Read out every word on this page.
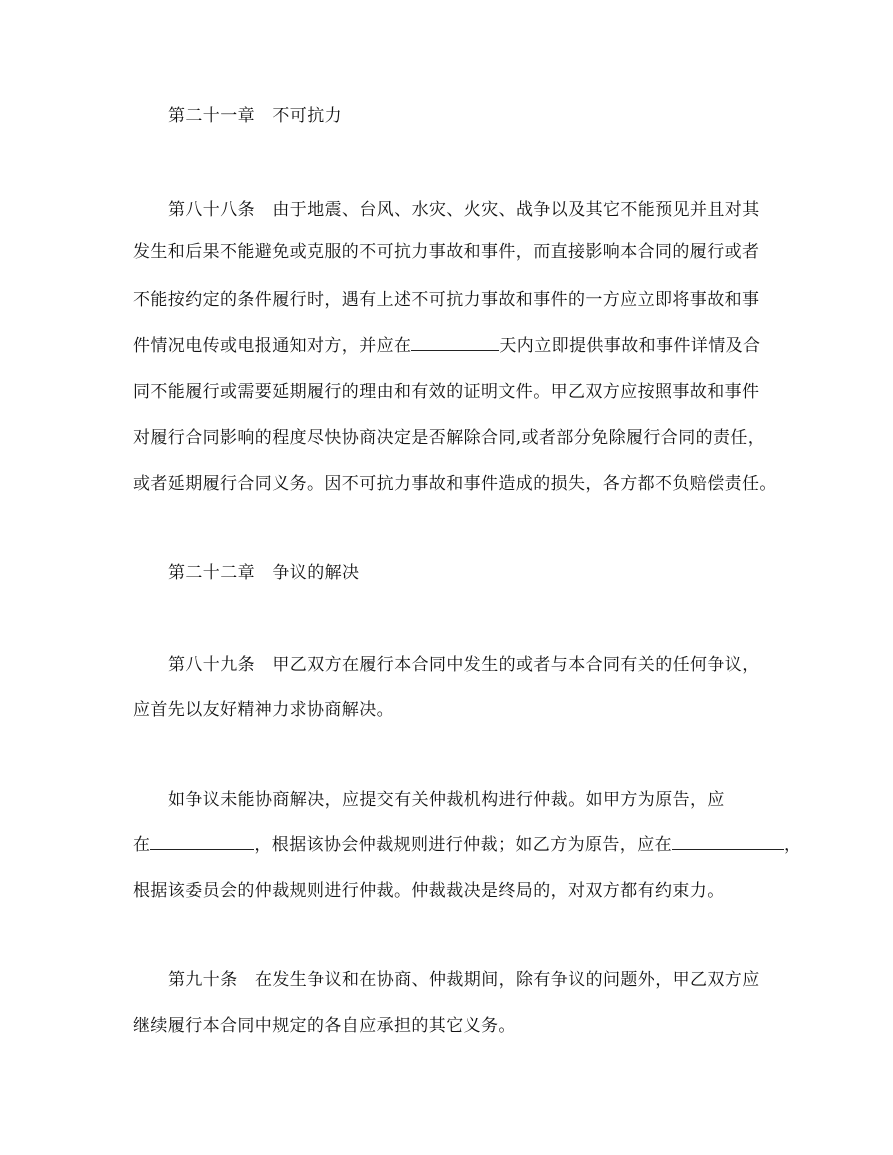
第二十一章　不可抗力
第八十八条　由于地震、台风、水灾、火灾、战争以及其它不能预见并且对其
发生和后果不能避免或克服的不可抗力事故和事件，而直接影响本合同的履行或者
不能按约定的条件履行时，遇有上述不可抗力事故和事件的一方应立即将事故和事
件情况电传或电报通知对方，并应在	天内立即提供事故和事件详情及合
同不能履行或需要延期履行的理由和有效的证明文件。甲乙双方应按照事故和事件
对履行合同影响的程度尽快协商决定是否解除合同,或者部分免除履行合同的责任，
或者延期履行合同义务。因不可抗力事故和事件造成的损失，各方都不负赔偿责任。
第二十二章　争议的解决
第八十九条　甲乙双方在履行本合同中发生的或者与本合同有关的任何争议，
应首先以友好精神力求协商解决。
如争议未能协商解决，应提交有关仲裁机构进行仲裁。如甲方为原告，应
在	，根据该协会仲裁规则进行仲裁；如乙方为原告，应在	，
根据该委员会的仲裁规则进行仲裁。仲裁裁决是终局的，对双方都有约束力。
第九十条　在发生争议和在协商、仲裁期间，除有争议的问题外，甲乙双方应
继续履行本合同中规定的各自应承担的其它义务。
